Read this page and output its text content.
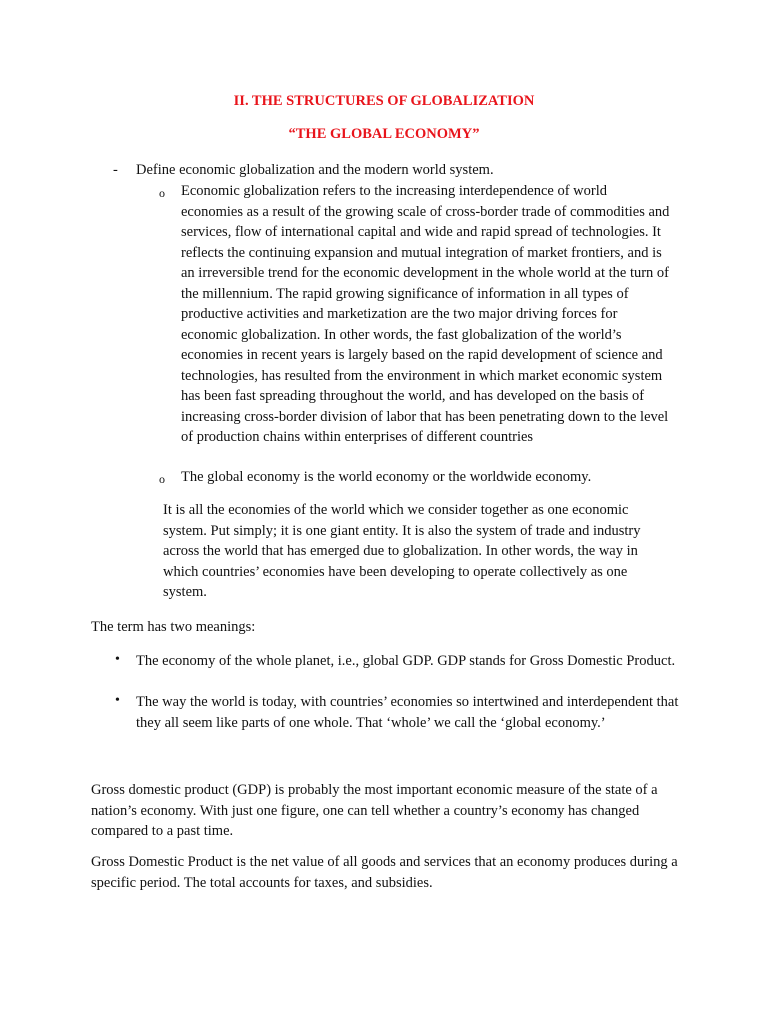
II. THE STRUCTURES OF GLOBALIZATION
“THE GLOBAL ECONOMY”
- Define economic globalization and the modern world system.
o Economic globalization refers to the increasing interdependence of world economies as a result of the growing scale of cross-border trade of commodities and services, flow of international capital and wide and rapid spread of technologies. It reflects the continuing expansion and mutual integration of market frontiers, and is an irreversible trend for the economic development in the whole world at the turn of the millennium. The rapid growing significance of information in all types of productive activities and marketization are the two major driving forces for economic globalization. In other words, the fast globalization of the world’s economies in recent years is largely based on the rapid development of science and technologies, has resulted from the environment in which market economic system has been fast spreading throughout the world, and has developed on the basis of increasing cross-border division of labor that has been penetrating down to the level of production chains within enterprises of different countries

o The global economy is the world economy or the worldwide economy.

It is all the economies of the world which we consider together as one economic system. Put simply; it is one giant entity. It is also the system of trade and industry across the world that has emerged due to globalization. In other words, the way in which countries’ economies have been developing to operate collectively as one system.

The term has two meanings:

• The economy of the whole planet, i.e., global GDP. GDP stands for Gross Domestic Product.

• The way the world is today, with countries’ economies so intertwined and interdependent that they all seem like parts of one whole. That ‘whole’ we call the ‘global economy.’

Gross domestic product (GDP) is probably the most important economic measure of the state of a nation’s economy. With just one figure, one can tell whether a country’s economy has changed compared to a past time.

Gross Domestic Product is the net value of all goods and services that an economy produces during a specific period. The total accounts for taxes, and subsidies.
